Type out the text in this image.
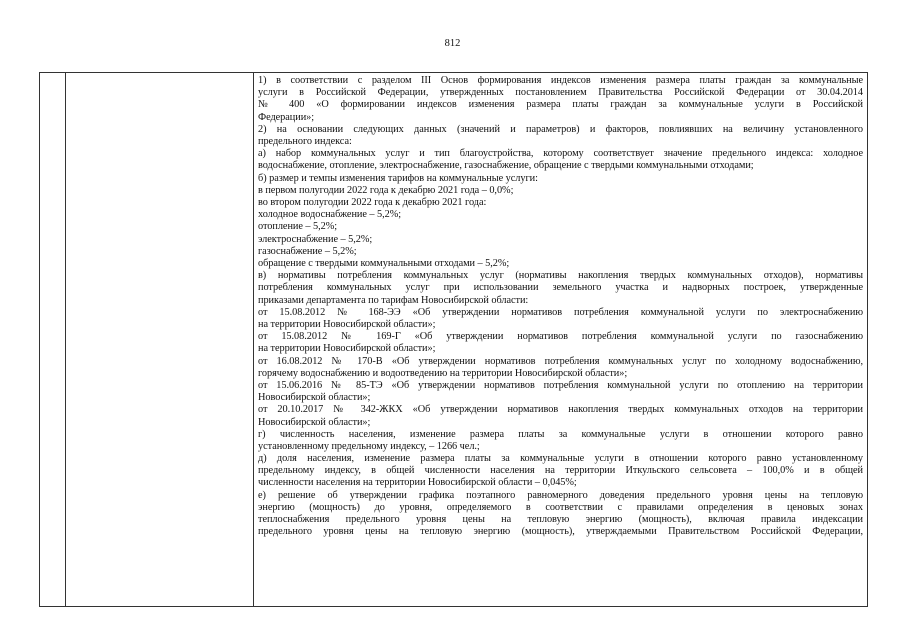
812
1) в соответствии с разделом III Основ формирования индексов изменения размера платы граждан за коммунальные
услуги в Российской Федерации, утвержденных постановлением Правительства Российской Федерации от 30.04.2014
№ 400 «О формировании индексов изменения размера платы граждан за коммунальные услуги в Российской
Федерации»;
2) на основании следующих данных (значений и параметров) и факторов, повлиявших на величину установленного
предельного индекса:
а) набор коммунальных услуг и тип благоустройства, которому соответствует значение предельного индекса: холодное
водоснабжение, отопление, электроснабжение, газоснабжение, обращение с твердыми коммунальными отходами;
б) размер и темпы изменения тарифов на коммунальные услуги:
в первом полугодии 2022 года к декабрю 2021 года – 0,0%;
во втором полугодии 2022 года к декабрю 2021 года:
холодное водоснабжение – 5,2%;
отопление – 5,2%;
электроснабжение – 5,2%;
газоснабжение – 5,2%;
обращение с твердыми коммунальными отходами – 5,2%;
в) нормативы потребления коммунальных услуг (нормативы накопления твердых коммунальных отходов), нормативы
потребления коммунальных услуг при использовании земельного участка и надворных построек, утвержденные
приказами департамента по тарифам Новосибирской области:
от 15.08.2012 № 168-ЭЭ «Об утверждении нормативов потребления коммунальной услуги по электроснабжению
на территории Новосибирской области»;
от 15.08.2012 № 169-Г «Об утверждении нормативов потребления коммунальной услуги по газоснабжению
на территории Новосибирской области»;
от 16.08.2012 № 170-В «Об утверждении нормативов потребления коммунальных услуг по холодному водоснабжению,
горячему водоснабжению и водоотведению на территории Новосибирской области»;
от 15.06.2016 № 85-ТЭ «Об утверждении нормативов потребления коммунальной услуги по отоплению на территории
Новосибирской области»;
от 20.10.2017 № 342-ЖКХ «Об утверждении нормативов накопления твердых коммунальных отходов на территории
Новосибирской области»;
г) численность населения, изменение размера платы за коммунальные услуги в отношении которого равно
установленному предельному индексу, – 1266 чел.;
д) доля населения, изменение размера платы за коммунальные услуги в отношении которого равно установленному
предельному индексу, в общей численности населения на территории Иткульского сельсовета – 100,0% и в общей
численности населения на территории Новосибирской области – 0,045%;
е) решение об утверждении графика поэтапного равномерного доведения предельного уровня цены на тепловую
энергию (мощность) до уровня, определяемого в соответствии с правилами определения в ценовых зонах
теплоснабжения предельного уровня цены на тепловую энергию (мощность), включая правила индексации
предельного уровня цены на тепловую энергию (мощность), утверждаемыми Правительством Российской Федерации,
